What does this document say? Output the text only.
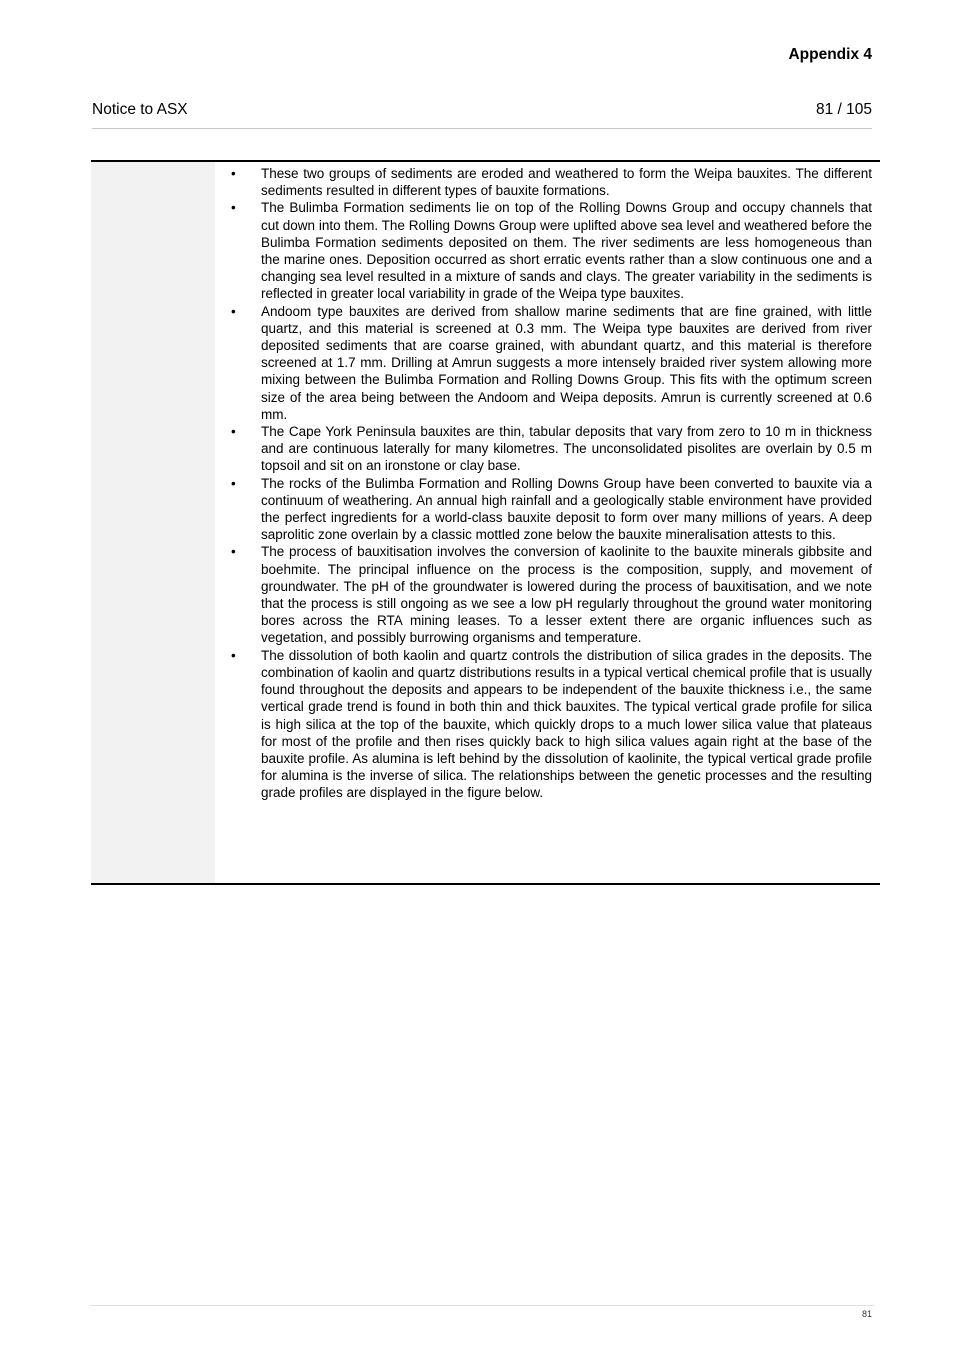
Appendix 4
Notice to ASX	81 / 105
• These two groups of sediments are eroded and weathered to form the Weipa bauxites. The different sediments resulted in different types of bauxite formations.
• The Bulimba Formation sediments lie on top of the Rolling Downs Group and occupy channels that cut down into them. The Rolling Downs Group were uplifted above sea level and weathered before the Bulimba Formation sediments deposited on them. The river sediments are less homogeneous than the marine ones. Deposition occurred as short erratic events rather than a slow continuous one and a changing sea level resulted in a mixture of sands and clays. The greater variability in the sediments is reflected in greater local variability in grade of the Weipa type bauxites.
• Andoom type bauxites are derived from shallow marine sediments that are fine grained, with little quartz, and this material is screened at 0.3 mm. The Weipa type bauxites are derived from river deposited sediments that are coarse grained, with abundant quartz, and this material is therefore screened at 1.7 mm. Drilling at Amrun suggests a more intensely braided river system allowing more mixing between the Bulimba Formation and Rolling Downs Group. This fits with the optimum screen size of the area being between the Andoom and Weipa deposits. Amrun is currently screened at 0.6 mm.
• The Cape York Peninsula bauxites are thin, tabular deposits that vary from zero to 10 m in thickness and are continuous laterally for many kilometres. The unconsolidated pisolites are overlain by 0.5 m topsoil and sit on an ironstone or clay base.
• The rocks of the Bulimba Formation and Rolling Downs Group have been converted to bauxite via a continuum of weathering. An annual high rainfall and a geologically stable environment have provided the perfect ingredients for a world-class bauxite deposit to form over many millions of years. A deep saprolitic zone overlain by a classic mottled zone below the bauxite mineralisation attests to this.
• The process of bauxitisation involves the conversion of kaolinite to the bauxite minerals gibbsite and boehmite. The principal influence on the process is the composition, supply, and movement of groundwater. The pH of the groundwater is lowered during the process of bauxitisation, and we note that the process is still ongoing as we see a low pH regularly throughout the ground water monitoring bores across the RTA mining leases. To a lesser extent there are organic influences such as vegetation, and possibly burrowing organisms and temperature.
• The dissolution of both kaolin and quartz controls the distribution of silica grades in the deposits. The combination of kaolin and quartz distributions results in a typical vertical chemical profile that is usually found throughout the deposits and appears to be independent of the bauxite thickness i.e., the same vertical grade trend is found in both thin and thick bauxites. The typical vertical grade profile for silica is high silica at the top of the bauxite, which quickly drops to a much lower silica value that plateaus for most of the profile and then rises quickly back to high silica values again right at the base of the bauxite profile. As alumina is left behind by the dissolution of kaolinite, the typical vertical grade profile for alumina is the inverse of silica. The relationships between the genetic processes and the resulting grade profiles are displayed in the figure below.
81
